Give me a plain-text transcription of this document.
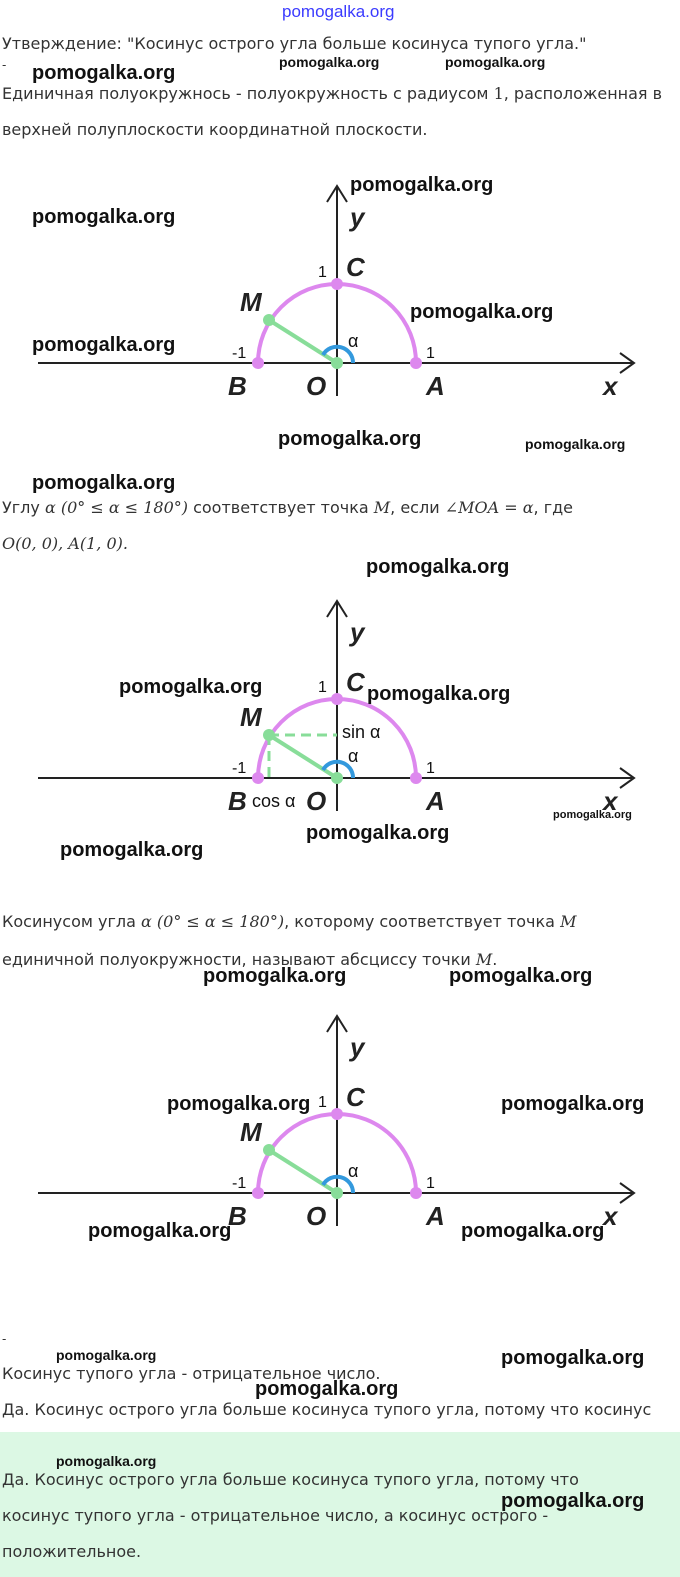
pomogalka.org
Утверждение: "Косинус острого угла больше косинуса тупого угла."
-
Единичная полуокружнось - полуокружность с радиусом 1, расположенная в
верхней полуплоскости координатной плоскости.
y
x
C
M
B O	A
1
-1	1
α
Углу α (0° ≤ α ≤ 180°) соответствует точка M, если ∠MOA = α, где
O(0, 0), A(1, 0).
y
x
C
M
B O	A
1
-1	1
α
sin α
cos α
Косинусом угла α (0° ≤ α ≤ 180°), которому соответствует точка M
единичной полуокружности, называют абсциссу точки M.
y
x
C
M
B O	A
1
-1	1
α
-
Косинус тупого угла - отрицательное число.
Да. Косинус острого угла больше косинуса тупого угла, потому что косинус
Да. Косинус острого угла больше косинуса тупого угла, потому что
косинус тупого угла - отрицательное число, а косинус острого -
положительное.
pomogalka.org	pomogalka.org	pomogalka.org
pomogalka.org
pomogalka.org
pomogalka.org
pomogalka.org
pomogalka.org	pomogalka.org
pomogalka.org
pomogalka.org
pomogalka.org	pomogalka.org
pomogalka.org
pomogalka.org
pomogalka.org
pomogalka.org	pomogalka.org
pomogalka.org	pomogalka.org
pomogalka.org	pomogalka.org
pomogalka.org	pomogalka.org
pomogalka.org
pomogalka.org
pomogalka.org
